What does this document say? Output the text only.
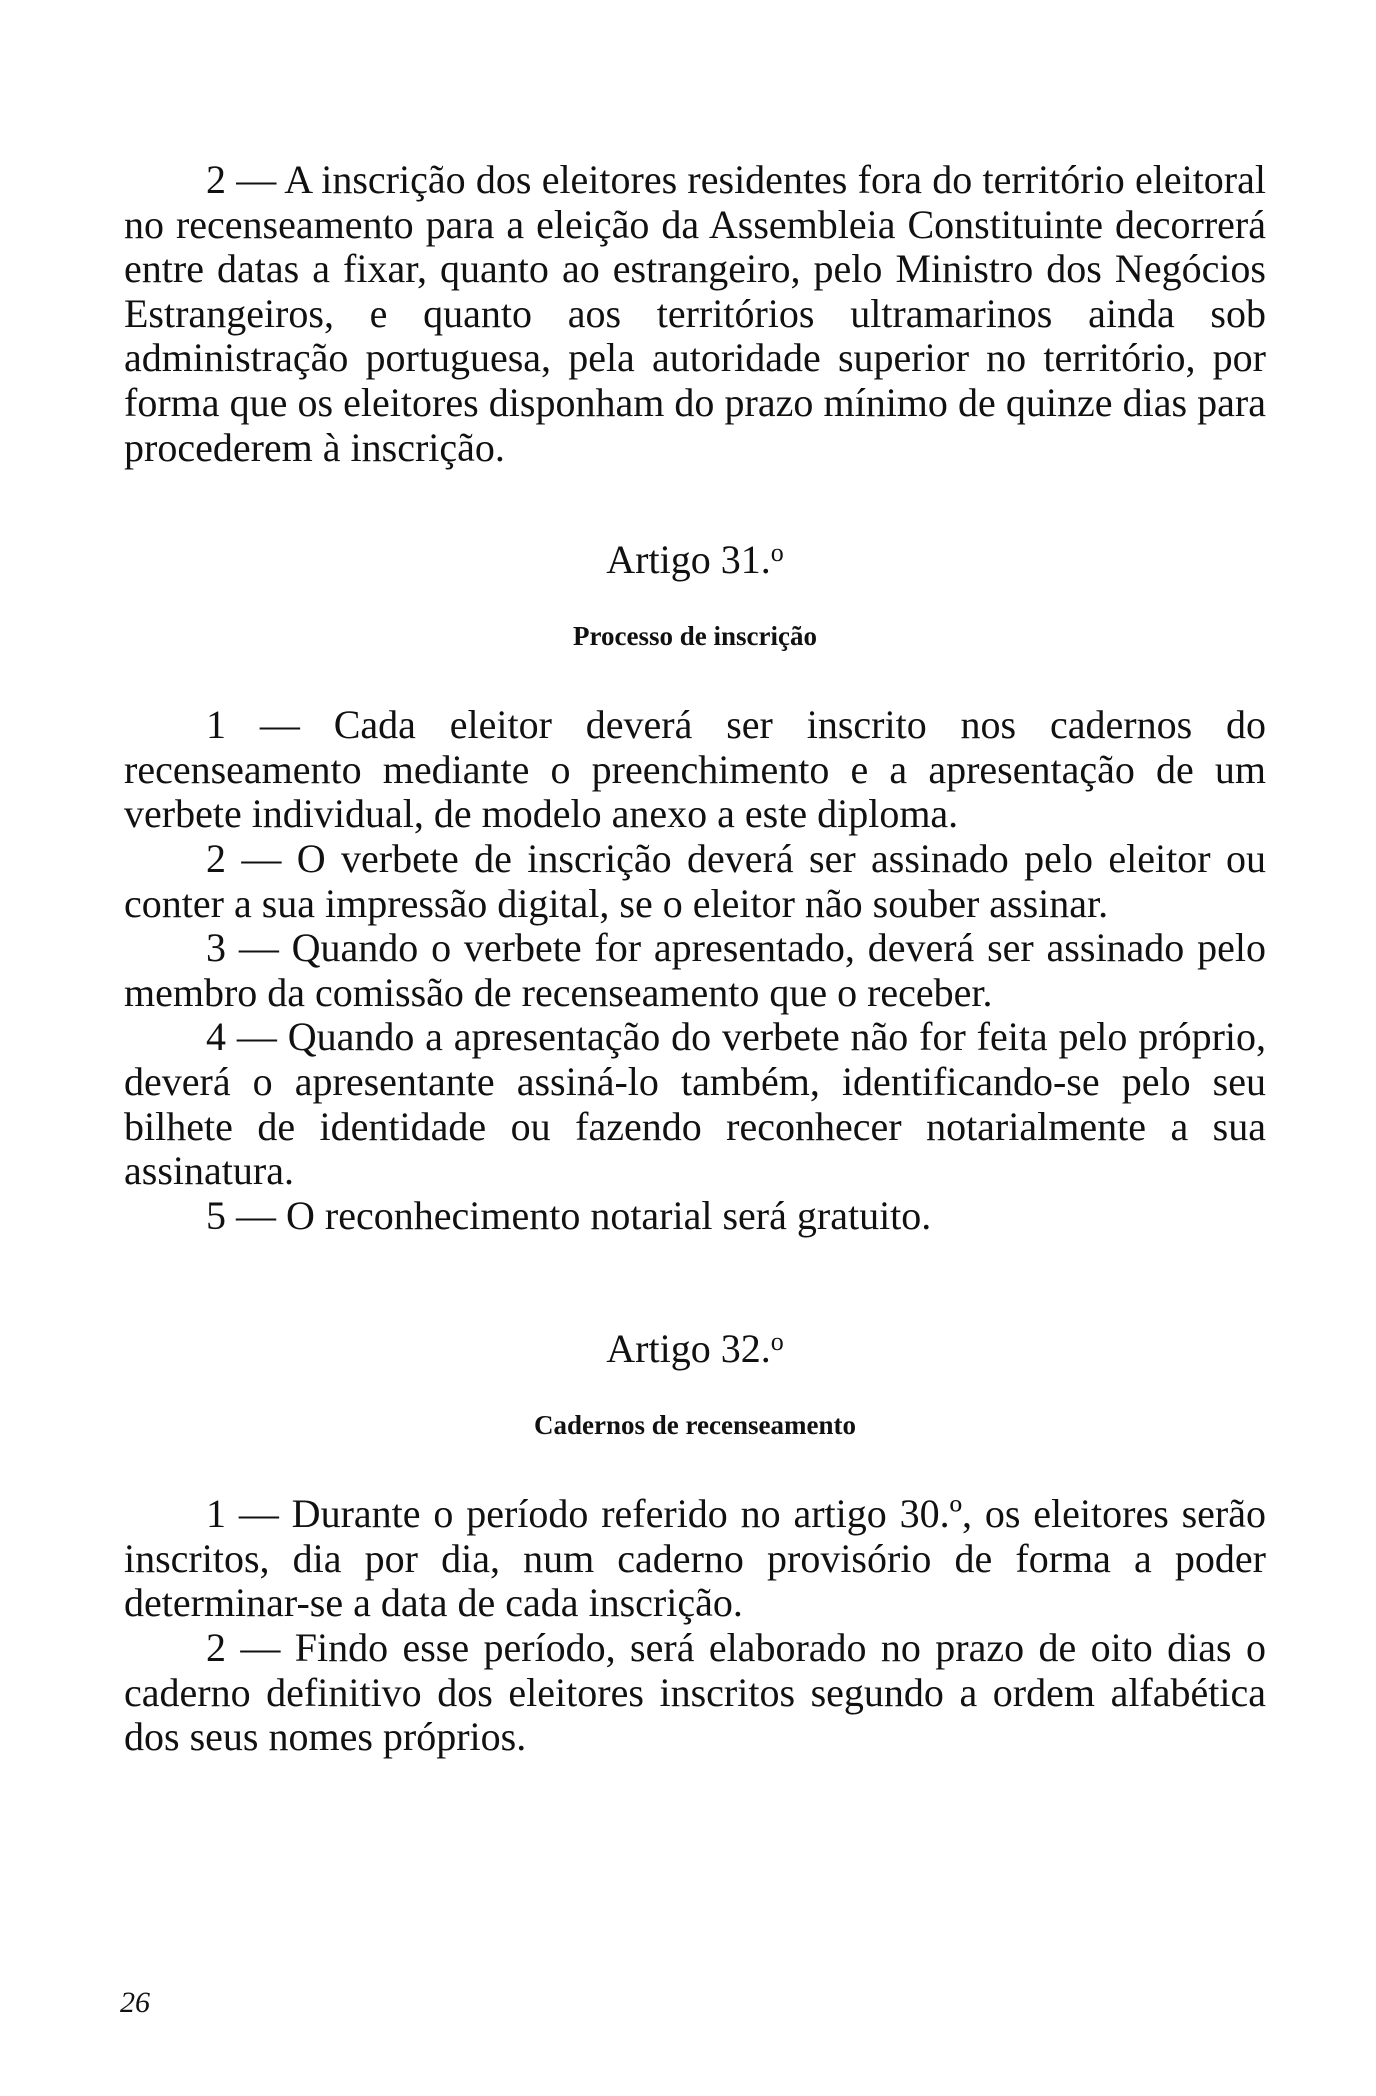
2 — A inscrição dos eleitores residentes fora do território eleitoral no recenseamento para a eleição da Assembleia Constituinte decorrerá entre datas a fixar, quanto ao estrangeiro, pelo Ministro dos Negócios Estrangeiros, e quanto aos territórios ultramarinos ainda sob administração portuguesa, pela autoridade superior no território, por forma que os eleitores disponham do prazo mínimo de quinze dias para procederem à inscrição.

Artigo 31.$^o$

Processo de inscrição

1 — Cada eleitor deverá ser inscrito nos cadernos do recenseamento mediante o preenchimento e a apresentação de um verbete individual, de modelo anexo a este diploma.

2 — O verbete de inscrição deverá ser assinado pelo eleitor ou conter a sua impressão digital, se o eleitor não souber assinar.

3 — Quando o verbete for apresentado, deverá ser assinado pelo membro da comissão de recenseamento que o receber.

4 — Quando a apresentação do verbete não for feita pelo próprio, deverá o apresentante assiná-lo também, identificando-se pelo seu bilhete de identidade ou fazendo reconhecer notarialmente a sua assinatura.

5 — O reconhecimento notarial será gratuito.

Artigo 32.$^o$

Cadernos de recenseamento

1 — Durante o período referido no artigo 30.º, os eleitores serão inscritos, dia por dia, num caderno provisório de forma a poder determinar-se a data de cada inscrição.

2 — Findo esse período, será elaborado no prazo de oito dias o caderno definitivo dos eleitores inscritos segundo a ordem alfabética dos seus nomes próprios.

26
